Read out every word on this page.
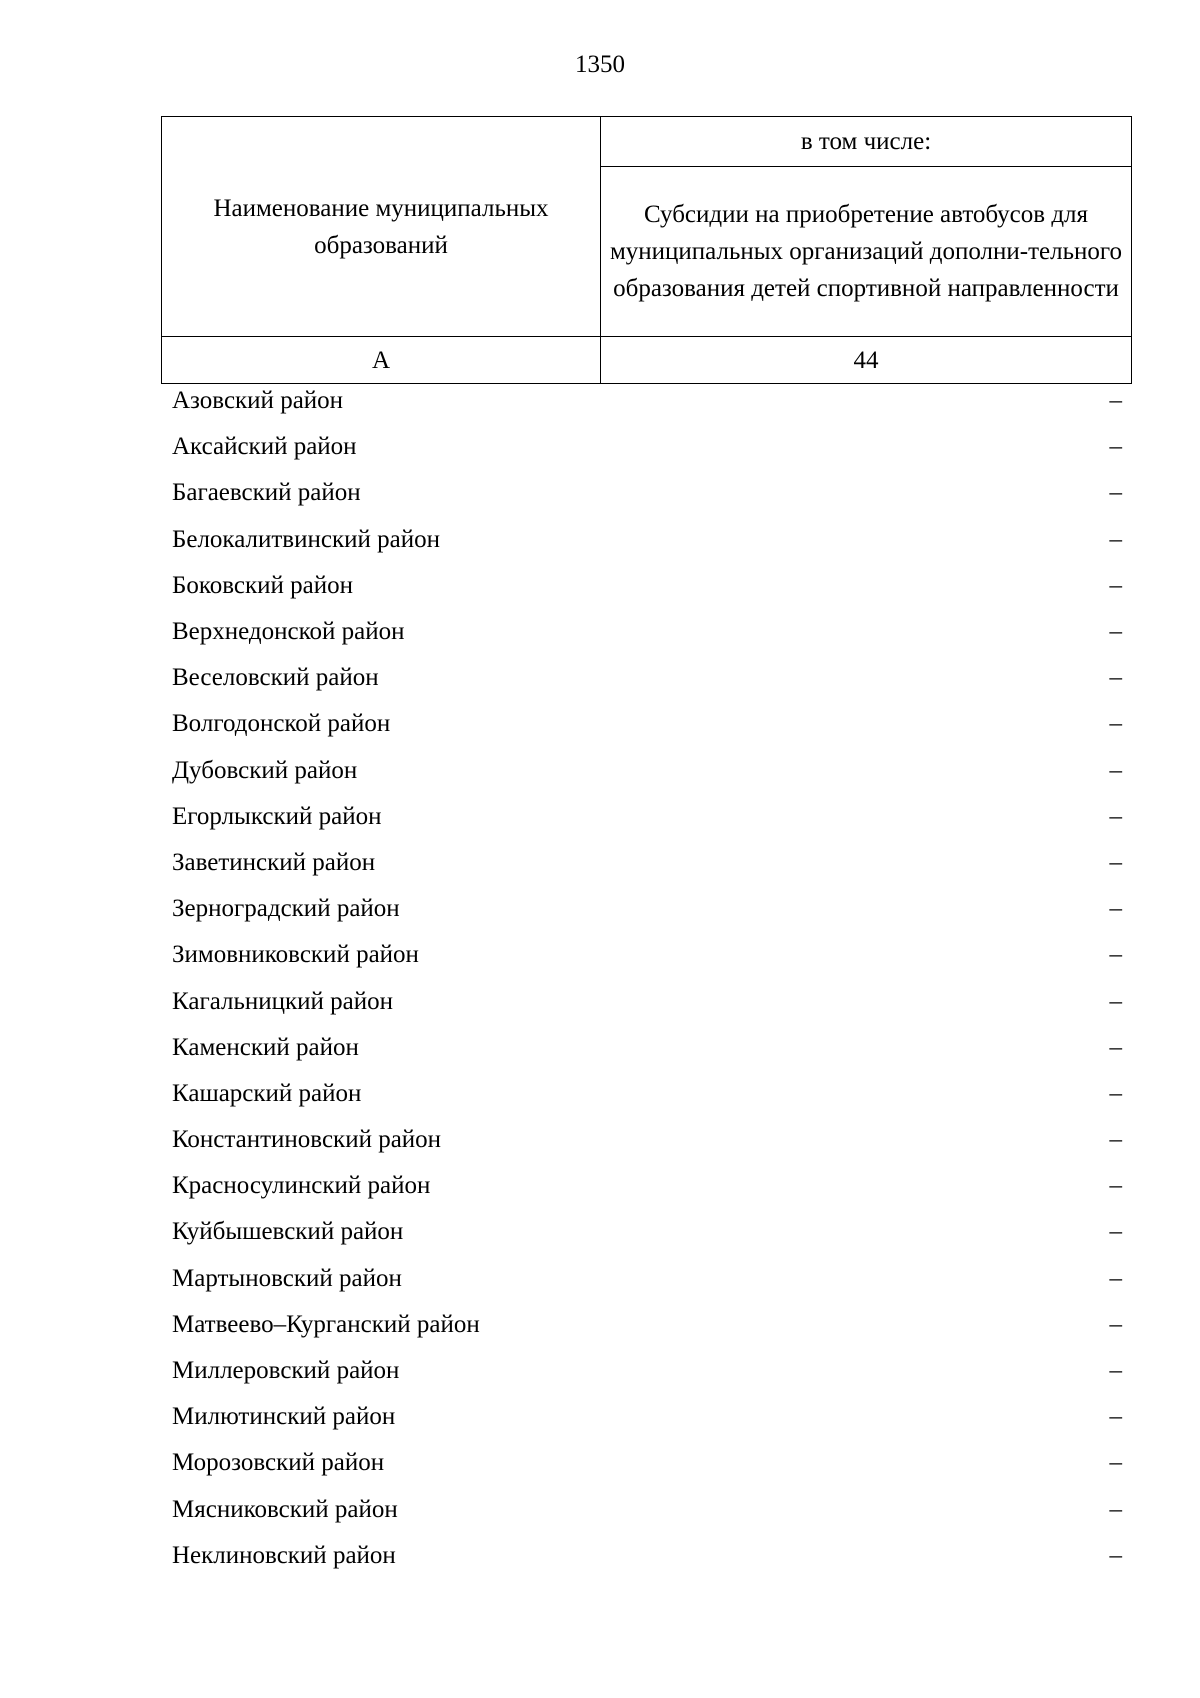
1350
Наименование муниципальных образований	в том числе:
	Субсидии на приобретение автобусов для муниципальных организаций дополни-тельного образования детей спортивной направленности
А	44
Азовский район	–
Аксайский район	–
Багаевский район	–
Белокалитвинский район	–
Боковский район	–
Верхнедонской район	–
Веселовский район	–
Волгодонской район	–
Дубовский район	–
Егорлыкский район	–
Заветинский район	–
Зерноградский район	–
Зимовниковский район	–
Кагальницкий район	–
Каменский район	–
Кашарский район	–
Константиновский район	–
Красносулинский район	–
Куйбышевский район	–
Мартыновский район	–
Матвеево–Курганский район	–
Миллеровский район	–
Милютинский район	–
Морозовский район	–
Мясниковский район	–
Неклиновский район	–
